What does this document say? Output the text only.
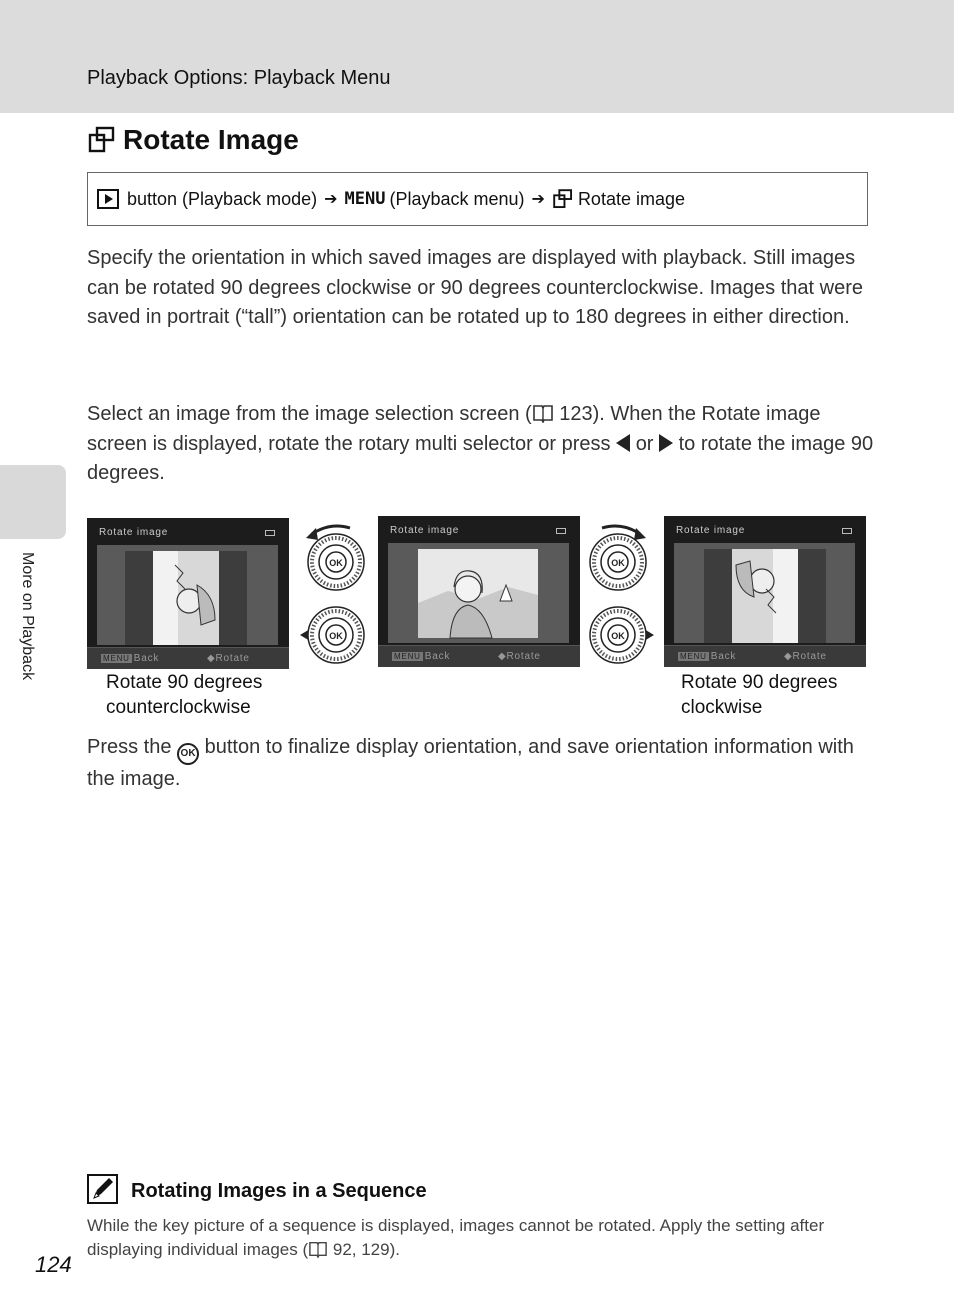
Playback Options: Playback Menu
More on Playback
Rotate Image
button (Playback mode) ➔ MENU (Playback menu) ➔ Rotate image
Specify the orientation in which saved images are displayed with playback. Still images can be rotated 90 degrees clockwise or 90 degrees counterclockwise. Images that were saved in portrait (“tall”) orientation can be rotated up to 180 degrees in either direction.
Select an image from the image selection screen ( 123). When the Rotate image screen is displayed, rotate the rotary multi selector or press or to rotate the image 90 degrees.
Rotate image
MENU Back	◆Rotate
Rotate image
MENU Back	◆Rotate
Rotate image
MENU Back	◆Rotate
OK
OK
OK
OK
Rotate 90 degrees
counterclockwise
Rotate 90 degrees
clockwise
Press the OK button to finalize display orientation, and save orientation information with the image.
Rotating Images in a Sequence
While the key picture of a sequence is displayed, images cannot be rotated. Apply the setting after displaying individual images ( 92, 129).
124
